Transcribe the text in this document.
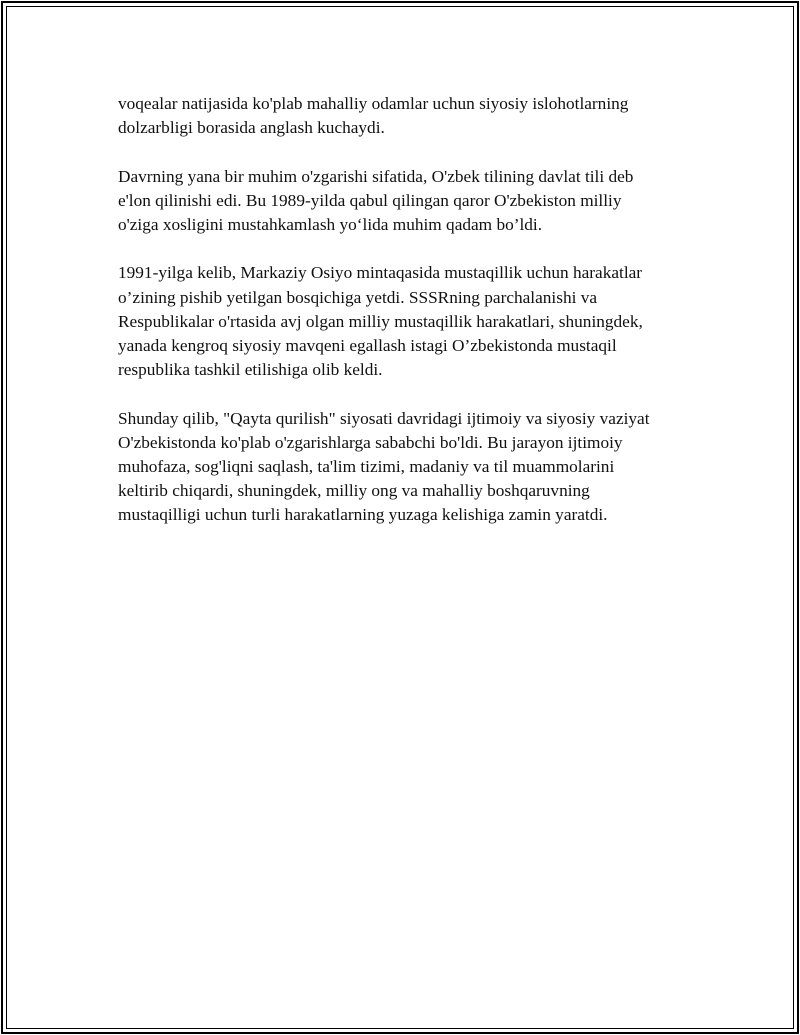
voqealar natijasida ko'plab mahalliy odamlar uchun siyosiy islohotlarning
dolzarbligi borasida anglash kuchaydi.

Davrning yana bir muhim o'zgarishi sifatida, O'zbek tilining davlat tili deb
e'lon qilinishi edi. Bu 1989-yilda qabul qilingan qaror O'zbekiston milliy
o'ziga xosligini mustahkamlash yo‘lida muhim qadam bo’ldi.

1991-yilga kelib, Markaziy Osiyo mintaqasida mustaqillik uchun harakatlar
o’zining pishib yetilgan bosqichiga yetdi. SSSRning parchalanishi va
Respublikalar o'rtasida avj olgan milliy mustaqillik harakatlari, shuningdek,
yanada kengroq siyosiy mavqeni egallash istagi O’zbekistonda mustaqil
respublika tashkil etilishiga olib keldi.

Shunday qilib, "Qayta qurilish" siyosati davridagi ijtimoiy va siyosiy vaziyat
O'zbekistonda ko'plab o'zgarishlarga sababchi bo'ldi. Bu jarayon ijtimoiy
muhofaza, sog'liqni saqlash, ta'lim tizimi, madaniy va til muammolarini
keltirib chiqardi, shuningdek, milliy ong va mahalliy boshqaruvning
mustaqilligi uchun turli harakatlarning yuzaga kelishiga zamin yaratdi.
